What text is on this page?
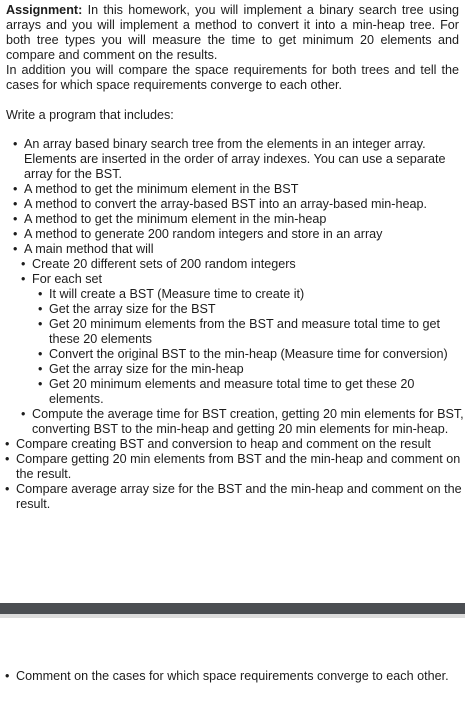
Assignment: In this homework, you will implement a binary search tree using arrays and you will implement a method to convert it into a min-heap tree. For both tree types you will measure the time to get minimum 20 elements and compare and comment on the results.

In addition you will compare the space requirements for both trees and tell the cases for which space requirements converge to each other.

Write a program that includes:

• An array based binary search tree from the elements in an integer array. Elements are inserted in the order of array indexes. You can use a separate array for the BST.
• A method to get the minimum element in the BST
• A method to convert the array-based BST into an array-based min-heap.
• A method to get the minimum element in the min-heap
• A method to generate 200 random integers and store in an array
• A main method that will
• Create 20 different sets of 200 random integers
• For each set
• It will create a BST (Measure time to create it)
• Get the array size for the BST
• Get 20 minimum elements from the BST and measure total time to get these 20 elements
• Convert the original BST to the min-heap (Measure time for conversion)
• Get the array size for the min-heap
• Get 20 minimum elements and measure total time to get these 20 elements.
• Compute the average time for BST creation, getting 20 min elements for BST, converting BST to the min-heap and getting 20 min elements for min-heap.
• Compare creating BST and conversion to heap and comment on the result
• Compare getting 20 min elements from BST and the min-heap and comment on the result.
• Compare average array size for the BST and the min-heap and comment on the result.
• Comment on the cases for which space requirements converge to each other.
